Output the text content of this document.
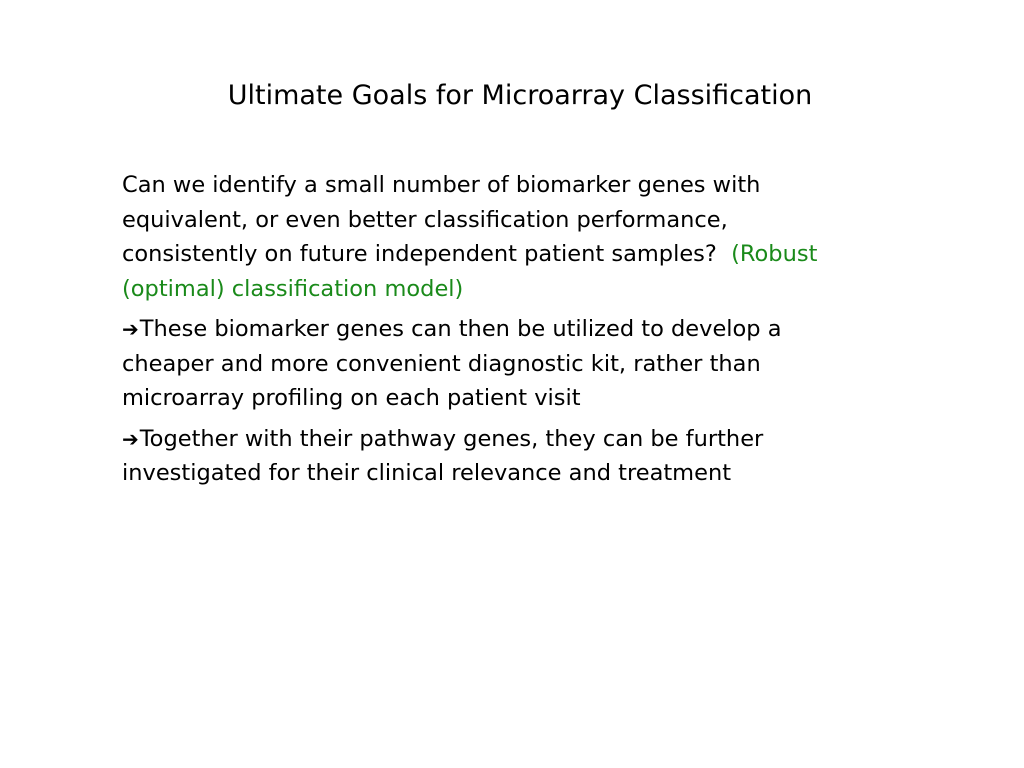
Ultimate Goals for Microarray Classification

Can we identify a small number of biomarker genes with
equivalent, or even better classification performance,
consistently on future independent patient samples? (Robust
(optimal) classification model)

➔These biomarker genes can then be utilized to develop a
cheaper and more convenient diagnostic kit, rather than
microarray profiling on each patient visit

➔Together with their pathway genes, they can be further
investigated for their clinical relevance and treatment
